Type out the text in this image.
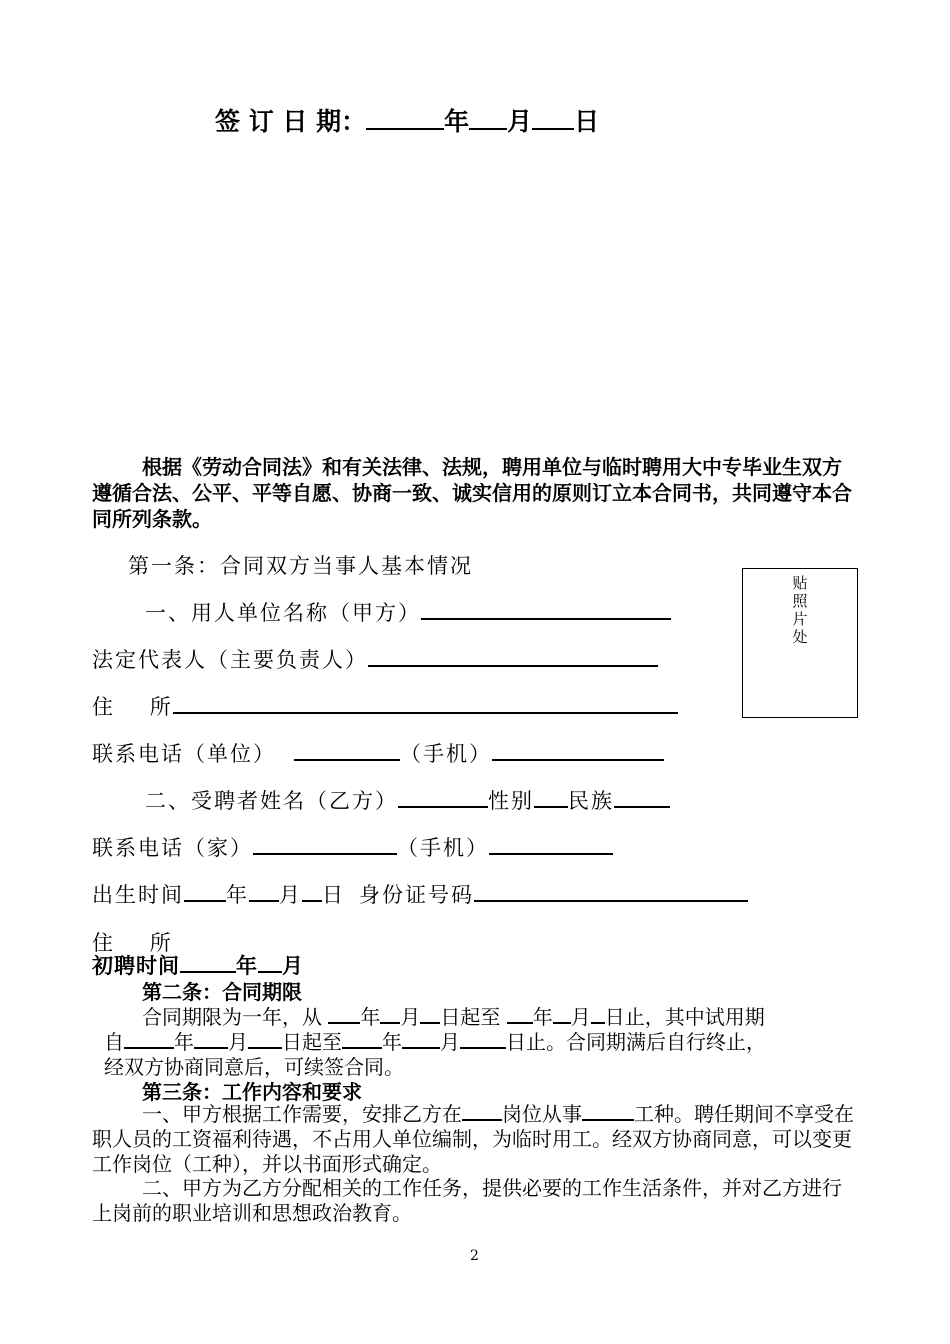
签 订 日 期：	年 月 日
根据《劳动合同法》和有关法律、法规，聘用单位与临时聘用大中专毕业生双方遵循合法、公平、平等自愿、协商一致、诚实信用的原则订立本合同书，共同遵守本合同所列条款。
第一条：合同双方当事人基本情况
一、用人单位名称（甲方）
法定代表人（主要负责人）
住    所
联系电话（单位）	（手机）
二、受聘者姓名（乙方）	性别 民族
联系电话（家）	（手机）
出生时间 年 月 日 身份证号码
住    所
初聘时间	年 月
贴照片处
第二条：合同期限
合同期限为一年，从 年 月 日起至 年 月 日止，其中试用期
自	年 月 日起至 年 月 日止。合同期满后自行终止，
经双方协商同意后，可续签合同。
第三条：工作内容和要求
一、甲方根据工作需要，安排乙方在 岗位从事	工种。聘任期间不享受在职人员的工资福利待遇，不占用人单位编制，为临时用工。经双方协商同意，可以变更工作岗位（工种），并以书面形式确定。
二、甲方为乙方分配相关的工作任务，提供必要的工作生活条件，并对乙方进行上岗前的职业培训和思想政治教育。
2
